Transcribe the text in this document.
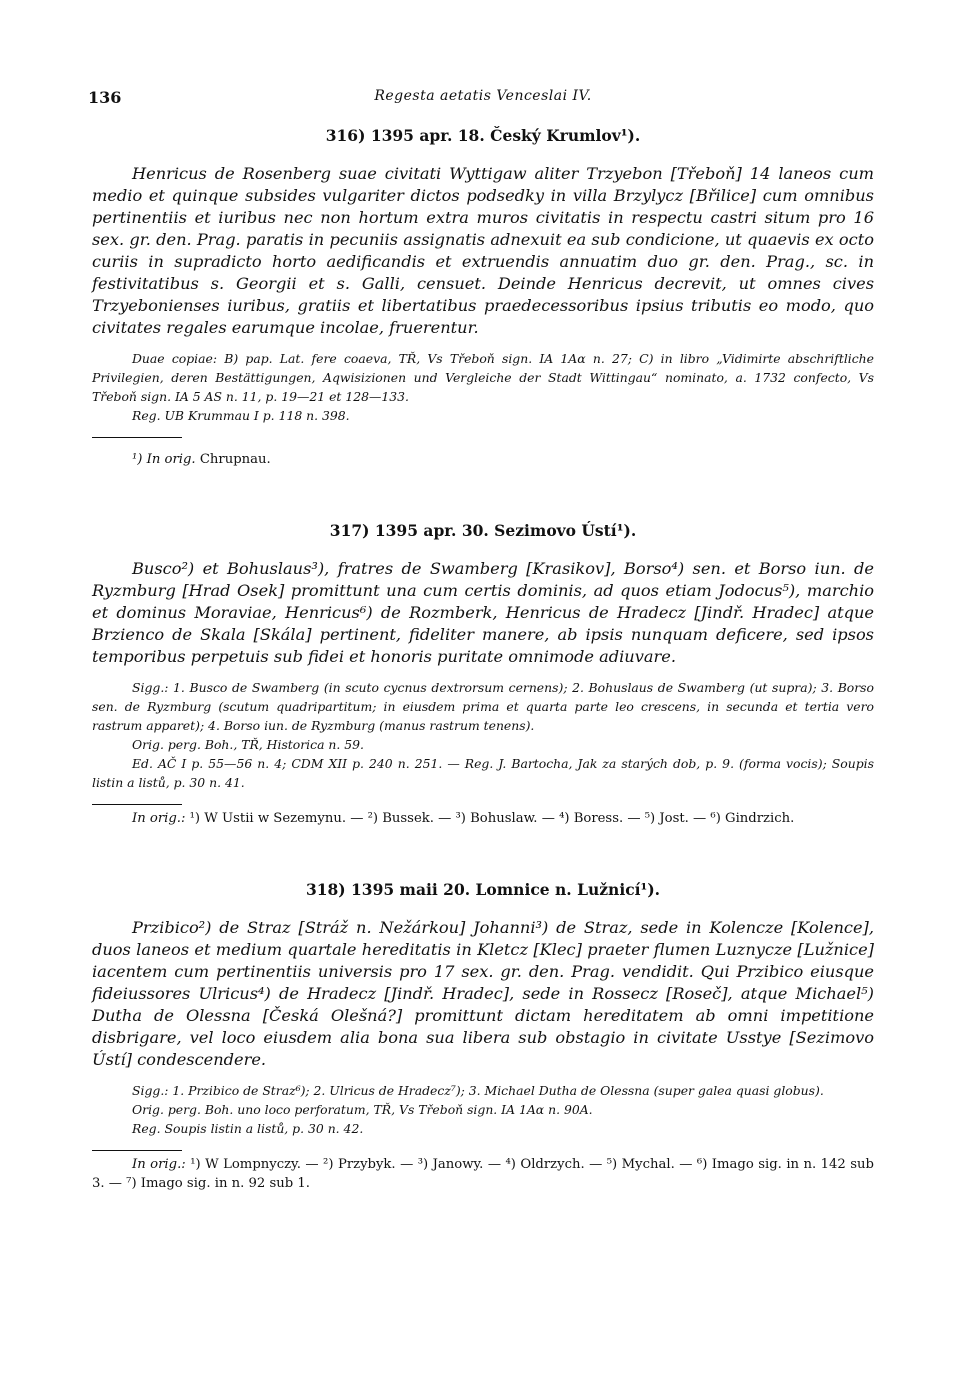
136	Regesta aetatis Venceslai IV.
316) 1395 apr. 18. Český Krumlov¹).

Henricus de Rosenberg suae civitati Wyttigaw aliter Trzyebon [Třeboň] 14 laneos cum medio et quinque subsides vulgariter dictos podsedky in villa Brzylycz [Břilice] cum omnibus pertinentiis et iuribus nec non hortum extra muros civitatis in respectu castri situm pro 16 sex. gr. den. Prag. paratis in pecuniis assignatis adnexuit ea sub condicione, ut quaevis ex octo curiis in supradicto horto aedificandis et extruendis annuatim duo gr. den. Prag., sc. in festivitatibus s. Georgii et s. Galli, censuet. Deinde Henricus decrevit, ut omnes cives Trzyebonienses iuribus, gratiis et libertatibus praedecessoribus ipsius tributis eo modo, quo civitates regales earumque incolae, fruerentur.

Duae copiae: B) pap. Lat. fere coaeva, TŘ, Vs Třeboň sign. IA 1Aα n. 27; C) in libro „Vidimirte abschriftliche Privilegien, deren Bestättigungen, Aqwisizionen und Vergleiche der Stadt Wittingau“ nominato, a. 1732 confecto, Vs Třeboň sign. IA 5 AS n. 11, p. 19—21 et 128—133.

Reg. UB Krummau I p. 118 n. 398.

¹) In orig. Chrupnau.

317) 1395 apr. 30. Sezimovo Ústí¹).

Busco²) et Bohuslaus³), fratres de Swamberg [Krasikov], Borso⁴) sen. et Borso iun. de Ryzmburg [Hrad Osek] promittunt una cum certis dominis, ad quos etiam Jodocus⁵), marchio et dominus Moraviae, Henricus⁶) de Rozmberk, Henricus de Hradecz [Jindř. Hradec] atque Brzienco de Skala [Skála] pertinent, fideliter manere, ab ipsis nunquam deficere, sed ipsos temporibus perpetuis sub fidei et honoris puritate omnimode adiuvare.

Sigg.: 1. Busco de Swamberg (in scuto cycnus dextrorsum cernens); 2. Bohuslaus de Swamberg (ut supra); 3. Borso sen. de Ryzmburg (scutum quadripartitum; in eiusdem prima et quarta parte leo crescens, in secunda et tertia vero rastrum apparet); 4. Borso iun. de Ryzmburg (manus rastrum tenens).

Orig. perg. Boh., TŘ, Historica n. 59.

Ed. AČ I p. 55—56 n. 4; CDM XII p. 240 n. 251. — Reg. J. Bartocha, Jak za starých dob, p. 9. (forma vocis); Soupis listin a listů, p. 30 n. 41.

In orig.: ¹) W Ustii w Sezemynu. — ²) Bussek. — ³) Bohuslaw. — ⁴) Boress. — ⁵) Jost. — ⁶) Gindrzich.

318) 1395 maii 20. Lomnice n. Lužnicí¹).

Przibico²) de Straz [Stráž n. Nežárkou] Johanni³) de Straz, sede in Kolencze [Kolence], duos laneos et medium quartale hereditatis in Kletcz [Klec] praeter flumen Luznycze [Lužnice] iacentem cum pertinentiis universis pro 17 sex. gr. den. Prag. vendidit. Qui Przibico eiusque fideiussores Ulricus⁴) de Hradecz [Jindř. Hradec], sede in Rossecz [Roseč], atque Michael⁵) Dutha de Olessna [Česká Olešná?] promittunt dictam hereditatem ab omni impetitione disbrigare, vel loco eiusdem alia bona sua libera sub obstagio in civitate Usstye [Sezimovo Ústí] condescendere.

Sigg.: 1. Przibico de Straz⁶); 2. Ulricus de Hradecz⁷); 3. Michael Dutha de Olessna (super galea quasi globus).

Orig. perg. Boh. uno loco perforatum, TŘ, Vs Třeboň sign. IA 1Aα n. 90A.

Reg. Soupis listin a listů, p. 30 n. 42.

In orig.: ¹) W Lompnyczy. — ²) Przybyk. — ³) Janowy. — ⁴) Oldrzych. — ⁵) Mychal. — ⁶) Imago sig. in n. 142 sub 3. — ⁷) Imago sig. in n. 92 sub 1.
